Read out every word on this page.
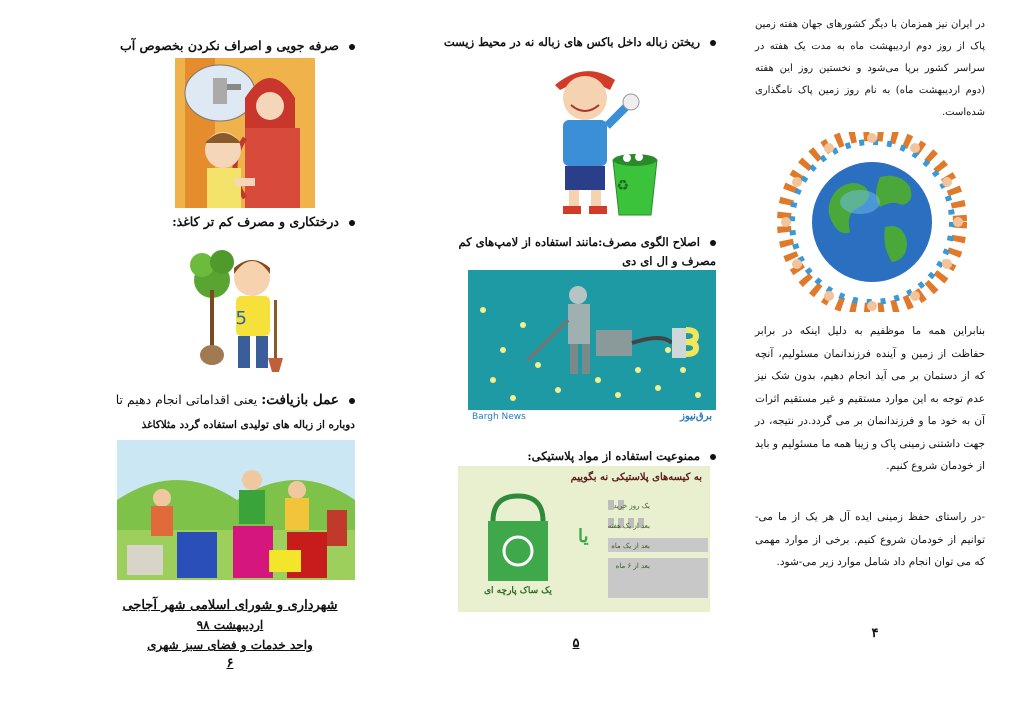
صرفه جویی و اصراف نکردن بخصوص آب
درختکاری و مصرف کم تر کاغذ:
5
عمل بازیافت: یعنی اقداماتی انجام دهیم تا
دوباره از زباله های تولیدی استفاده گردد مثلاکاغذ
شهرداری و شورای اسلامی شهر آجاجی
اردیبهشت ۹۸
واحد خدمات و فضای سبز شهری
۶
ریختن زباله داخل باکس های زباله نه در محیط زیست
♻
اصلاح الگوی مصرف:مانند استفاده از لامپ‌های کم
مصرف و ال ای دی
Bargh News	برق‌نیوز
ممنوعیت استفاده از مواد پلاستیکی:
به کیسه‌های پلاستیکی نه بگوییم
یا
یک ساک پارچه ای
یک روز خرید
بعد از یک هفته
بعد از یک ماه
بعد از ۶ ماه
۵
در ایران نیز همزمان با دیگر کشورهای جهان هفته زمین پاک از روز دوم اردیبهشت ماه به مدت یک هفته در سراسر کشور برپا می‌شود و نخستین روز این هفته (دوم اردیبهشت ماه) به نام روز زمین پاک نامگذاری شده‌است.
بنابراین همه ما موظفیم به دلیل اینکه در برابر حفاظت از زمین و آینده فرزندانمان مسئولیم، آنچه که از دستمان بر می آید انجام دهیم، بدون شک نیز عدم توجه به این موارد مستقیم و غیر مستقیم اثرات آن به خود ما و فرزندانمان بر می گردد.در نتیجه، در جهت داشتنی زمینی پاک و زیبا همه ما مسئولیم و باید از خودمان شروع کنیم.
-در راستای حفظ زمینی ایده آل هر یک از ما می-توانیم از خودمان شروع کنیم. برخی از موارد مهمی که می توان انجام داد شامل موارد زیر می-شود.
۴
